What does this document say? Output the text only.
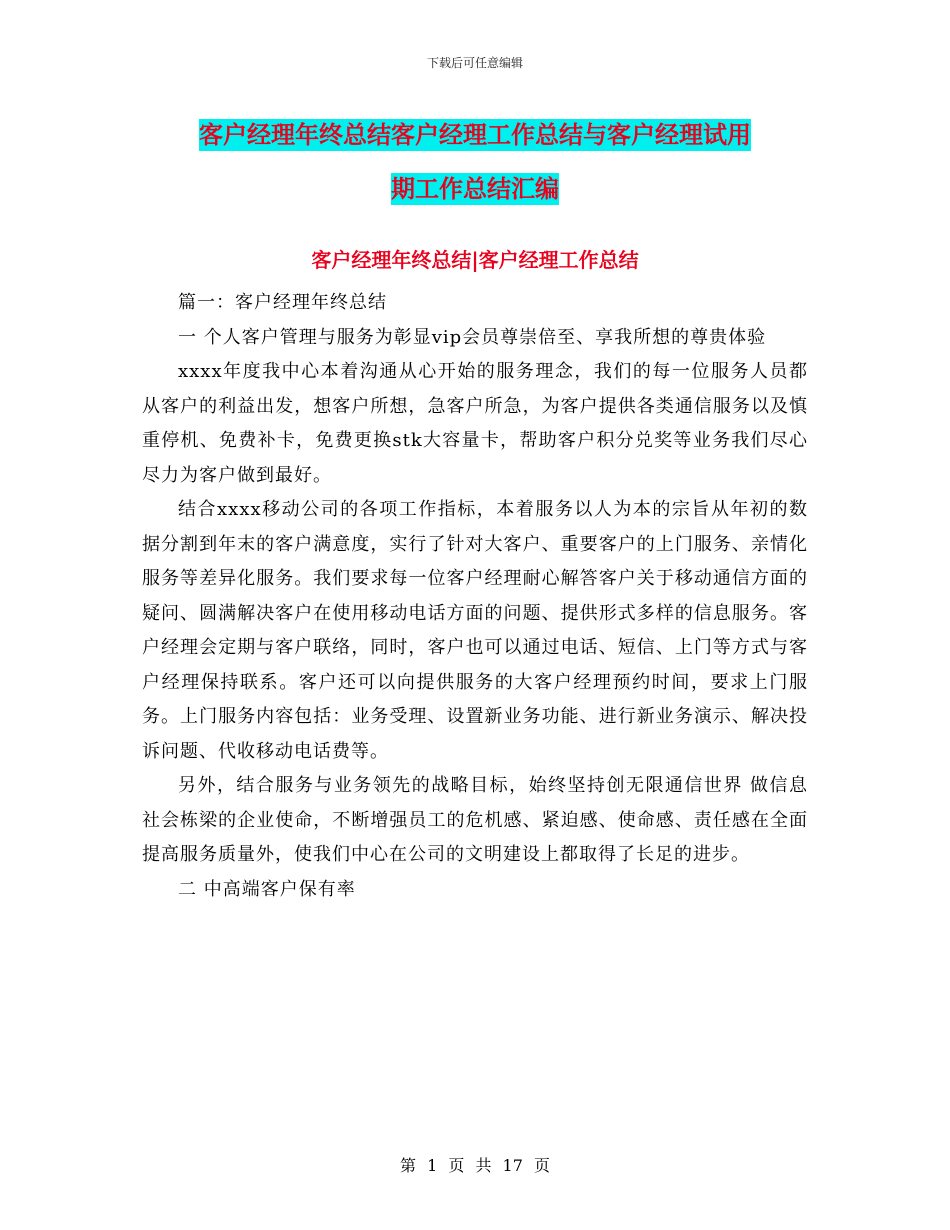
下载后可任意编辑
客户经理年终总结客户经理工作总结与客户经理试用
期工作总结汇编
客户经理年终总结|客户经理工作总结

篇一：客户经理年终总结

一 个人客户管理与服务为彰显vip会员尊崇倍至、享我所想的尊贵体验

xxxx年度我中心本着沟通从心开始的服务理念，我们的每一位服务人员都从客户的利益出发，想客户所想，急客户所急，为客户提供各类通信服务以及慎重停机、免费补卡，免费更换stk大容量卡，帮助客户积分兑奖等业务我们尽心尽力为客户做到最好。

结合xxxx移动公司的各项工作指标，本着服务以人为本的宗旨从年初的数据分割到年末的客户满意度，实行了针对大客户、重要客户的上门服务、亲情化服务等差异化服务。我们要求每一位客户经理耐心解答客户关于移动通信方面的疑问、圆满解决客户在使用移动电话方面的问题、提供形式多样的信息服务。客户经理会定期与客户联络，同时，客户也可以通过电话、短信、上门等方式与客户经理保持联系。客户还可以向提供服务的大客户经理预约时间，要求上门服务。上门服务内容包括：业务受理、设置新业务功能、进行新业务演示、解决投诉问题、代收移动电话费等。

另外，结合服务与业务领先的战略目标，始终坚持创无限通信世界 做信息社会栋梁的企业使命，不断增强员工的危机感、紧迫感、使命感、责任感在全面提高服务质量外，使我们中心在公司的文明建设上都取得了长足的进步。

二 中高端客户保有率

第 1 页 共 17 页
